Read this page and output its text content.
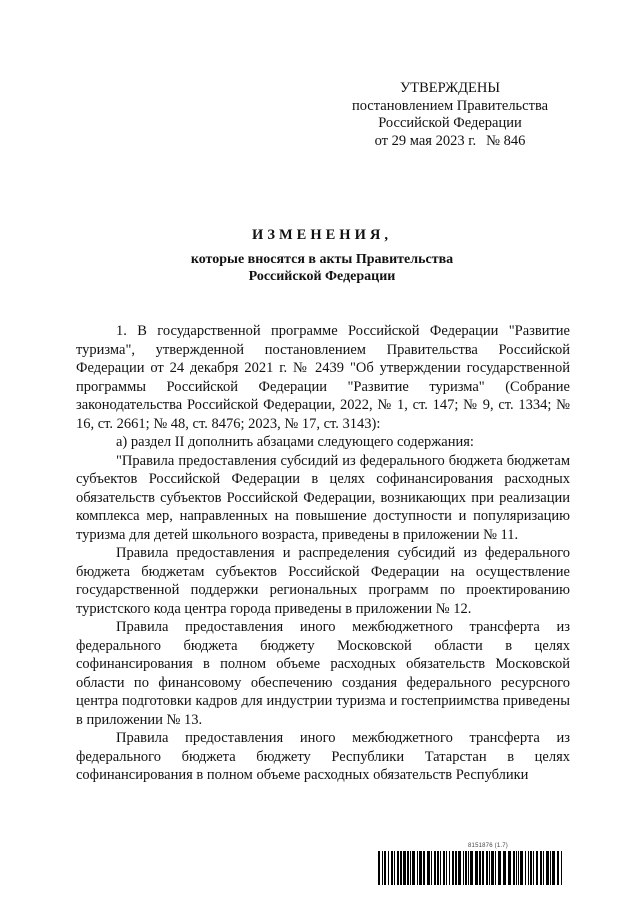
УТВЕРЖДЕНЫ
постановлением Правительства
Российской Федерации
от 29 мая 2023 г. № 846
ИЗМЕНЕНИЯ,
которые вносятся в акты Правительства
Российской Федерации

1. В государственной программе Российской Федерации "Развитие туризма", утвержденной постановлением Правительства Российской Федерации от 24 декабря 2021 г. № 2439 "Об утверждении государственной программы Российской Федерации "Развитие туризма" (Собрание законодательства Российской Федерации, 2022, № 1, ст. 147; № 9, ст. 1334; № 16, ст. 2661; № 48, ст. 8476; 2023, № 17, ст. 3143):

а) раздел II дополнить абзацами следующего содержания:

"Правила предоставления субсидий из федерального бюджета бюджетам субъектов Российской Федерации в целях софинансирования расходных обязательств субъектов Российской Федерации, возникающих при реализации комплекса мер, направленных на повышение доступности и популяризацию туризма для детей школьного возраста, приведены в приложении № 11.

Правила предоставления и распределения субсидий из федерального бюджета бюджетам субъектов Российской Федерации на осуществление государственной поддержки региональных программ по проектированию туристского кода центра города приведены в приложении № 12.

Правила предоставления иного межбюджетного трансферта из федерального бюджета бюджету Московской области в целях софинансирования в полном объеме расходных обязательств Московской области по финансовому обеспечению создания федерального ресурсного центра подготовки кадров для индустрии туризма и гостеприимства приведены в приложении № 13.

Правила предоставления иного межбюджетного трансферта из федерального бюджета бюджету Республики Татарстан в целях софинансирования в полном объеме расходных обязательств Республики

8151876 (1.7)
